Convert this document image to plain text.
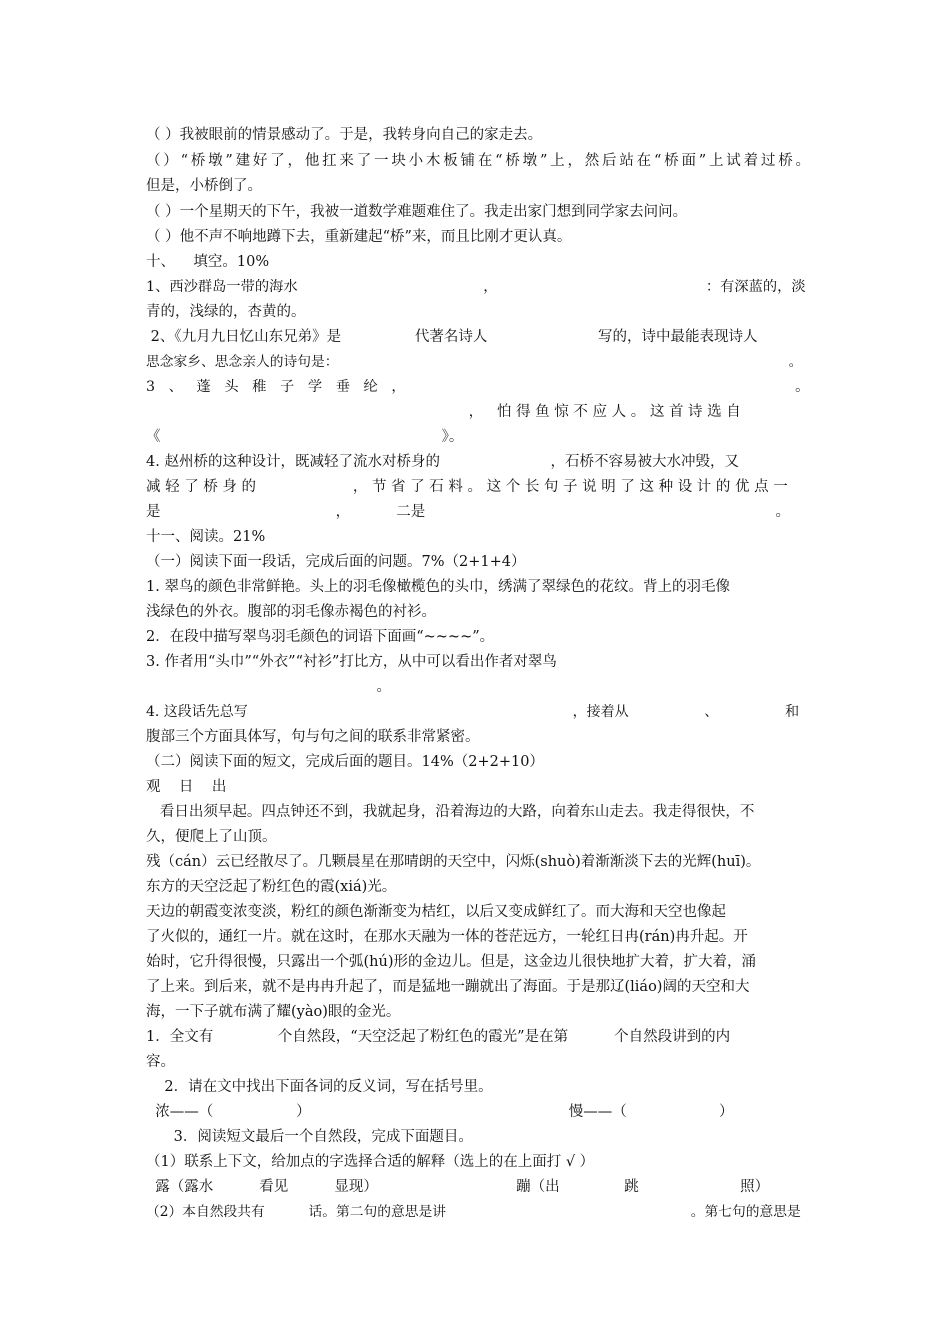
（ ）我被眼前的情景感动了。于是，我转身向自己的家走去。
（）“桥墩”建好了，他扛来了一块小木板铺在“桥墩”上，然后站在“桥面”上试着过桥。
但是，小桥倒了。
（ ）一个星期天的下午，我被一道数学难题难住了。我走出家门想到同学家去问问。
（ ）他不声不响地蹲下去，重新建起“桥”来，而且比刚才更认真。
十、    填空。10%
1、西沙群岛一带的海水                                         ，                                              ：有深蓝的，淡
青的，浅绿的，杏黄的。
2、《九月九日忆山东兄弟》是                代著名诗人                        写的，诗中最能表现诗人
思念家乡、思念亲人的诗句是：                                                                                                       。
3   、   蓬   头   稚   子   学   垂   纶   ，                                                                                      。
，   怕 得 鱼 惊 不 应 人 。 这 首 诗 选 自
《                                                             》。
4. 赵州桥的这种设计，既减轻了流水对桥身的                        ，石桥不容易被大水冲毁，又
减 轻 了 桥 身 的                     ， 节 省 了 石 料 。 这 个 长 句 子 说 明 了 这 种 设 计 的 优 点 一
是                                      ，          二是                                                                            。
十一、阅读。21%
（一）阅读下面一段话，完成后面的问题。7%（2+1+4）
1. 翠鸟的颜色非常鲜艳。头上的羽毛像橄榄色的头巾，绣满了翠绿色的花纹。背上的羽毛像
浅绿色的外衣。腹部的羽毛像赤褐色的衬衫。
2．在段中描写翠鸟羽毛颜色的词语下面画“~~~~”。
3. 作者用“头巾”“外衣”“衬衫”打比方，从中可以看出作者对翠鸟
。
4. 这段话先总写                                                                         ，接着从                 、               和
腹部三个方面具体写，句与句之间的联系非常紧密。
（二）阅读下面的短文，完成后面的题目。14%（2+2+10）
观    日    出
看日出须早起。四点钟还不到，我就起身，沿着海边的大路，向着东山走去。我走得很快，不
久，便爬上了山顶。
残（cán）云已经散尽了。几颗晨星在那晴朗的天空中，闪烁(shuò)着渐渐淡下去的光辉(huī)。
东方的天空泛起了粉红色的霞(xiá)光。
天边的朝霞变浓变淡，粉红的颜色渐渐变为桔红，以后又变成鲜红了。而大海和天空也像起
了火似的，通红一片。就在这时，在那水天融为一体的苍茫远方，一轮红日冉(rán)冉升起。开
始时，它升得很慢，只露出一个弧(hú)形的金边儿。但是，这金边儿很快地扩大着，扩大着，涌
了上来。到后来，就不是冉冉升起了，而是猛地一蹦就出了海面。于是那辽(liáo)阔的天空和大
海，一下子就布满了耀(yào)眼的金光。
1．全文有              个自然段，“天空泛起了粉红色的霞光”是在第          个自然段讲到的内
容。
2．请在文中找出下面各词的反义词，写在括号里。
浓——（                  ）                                                        慢——（                    ）
3．阅读短文最后一个自然段，完成下面题目。
（1）联系上下文，给加点的字选择合适的解释（选上的在上面打 √ ）
露（露水          看见          显现）                              蹦（出              跳                      照）
（2）本自然段共有          话。第二句的意思是讲                                                        。第七句的意思是
